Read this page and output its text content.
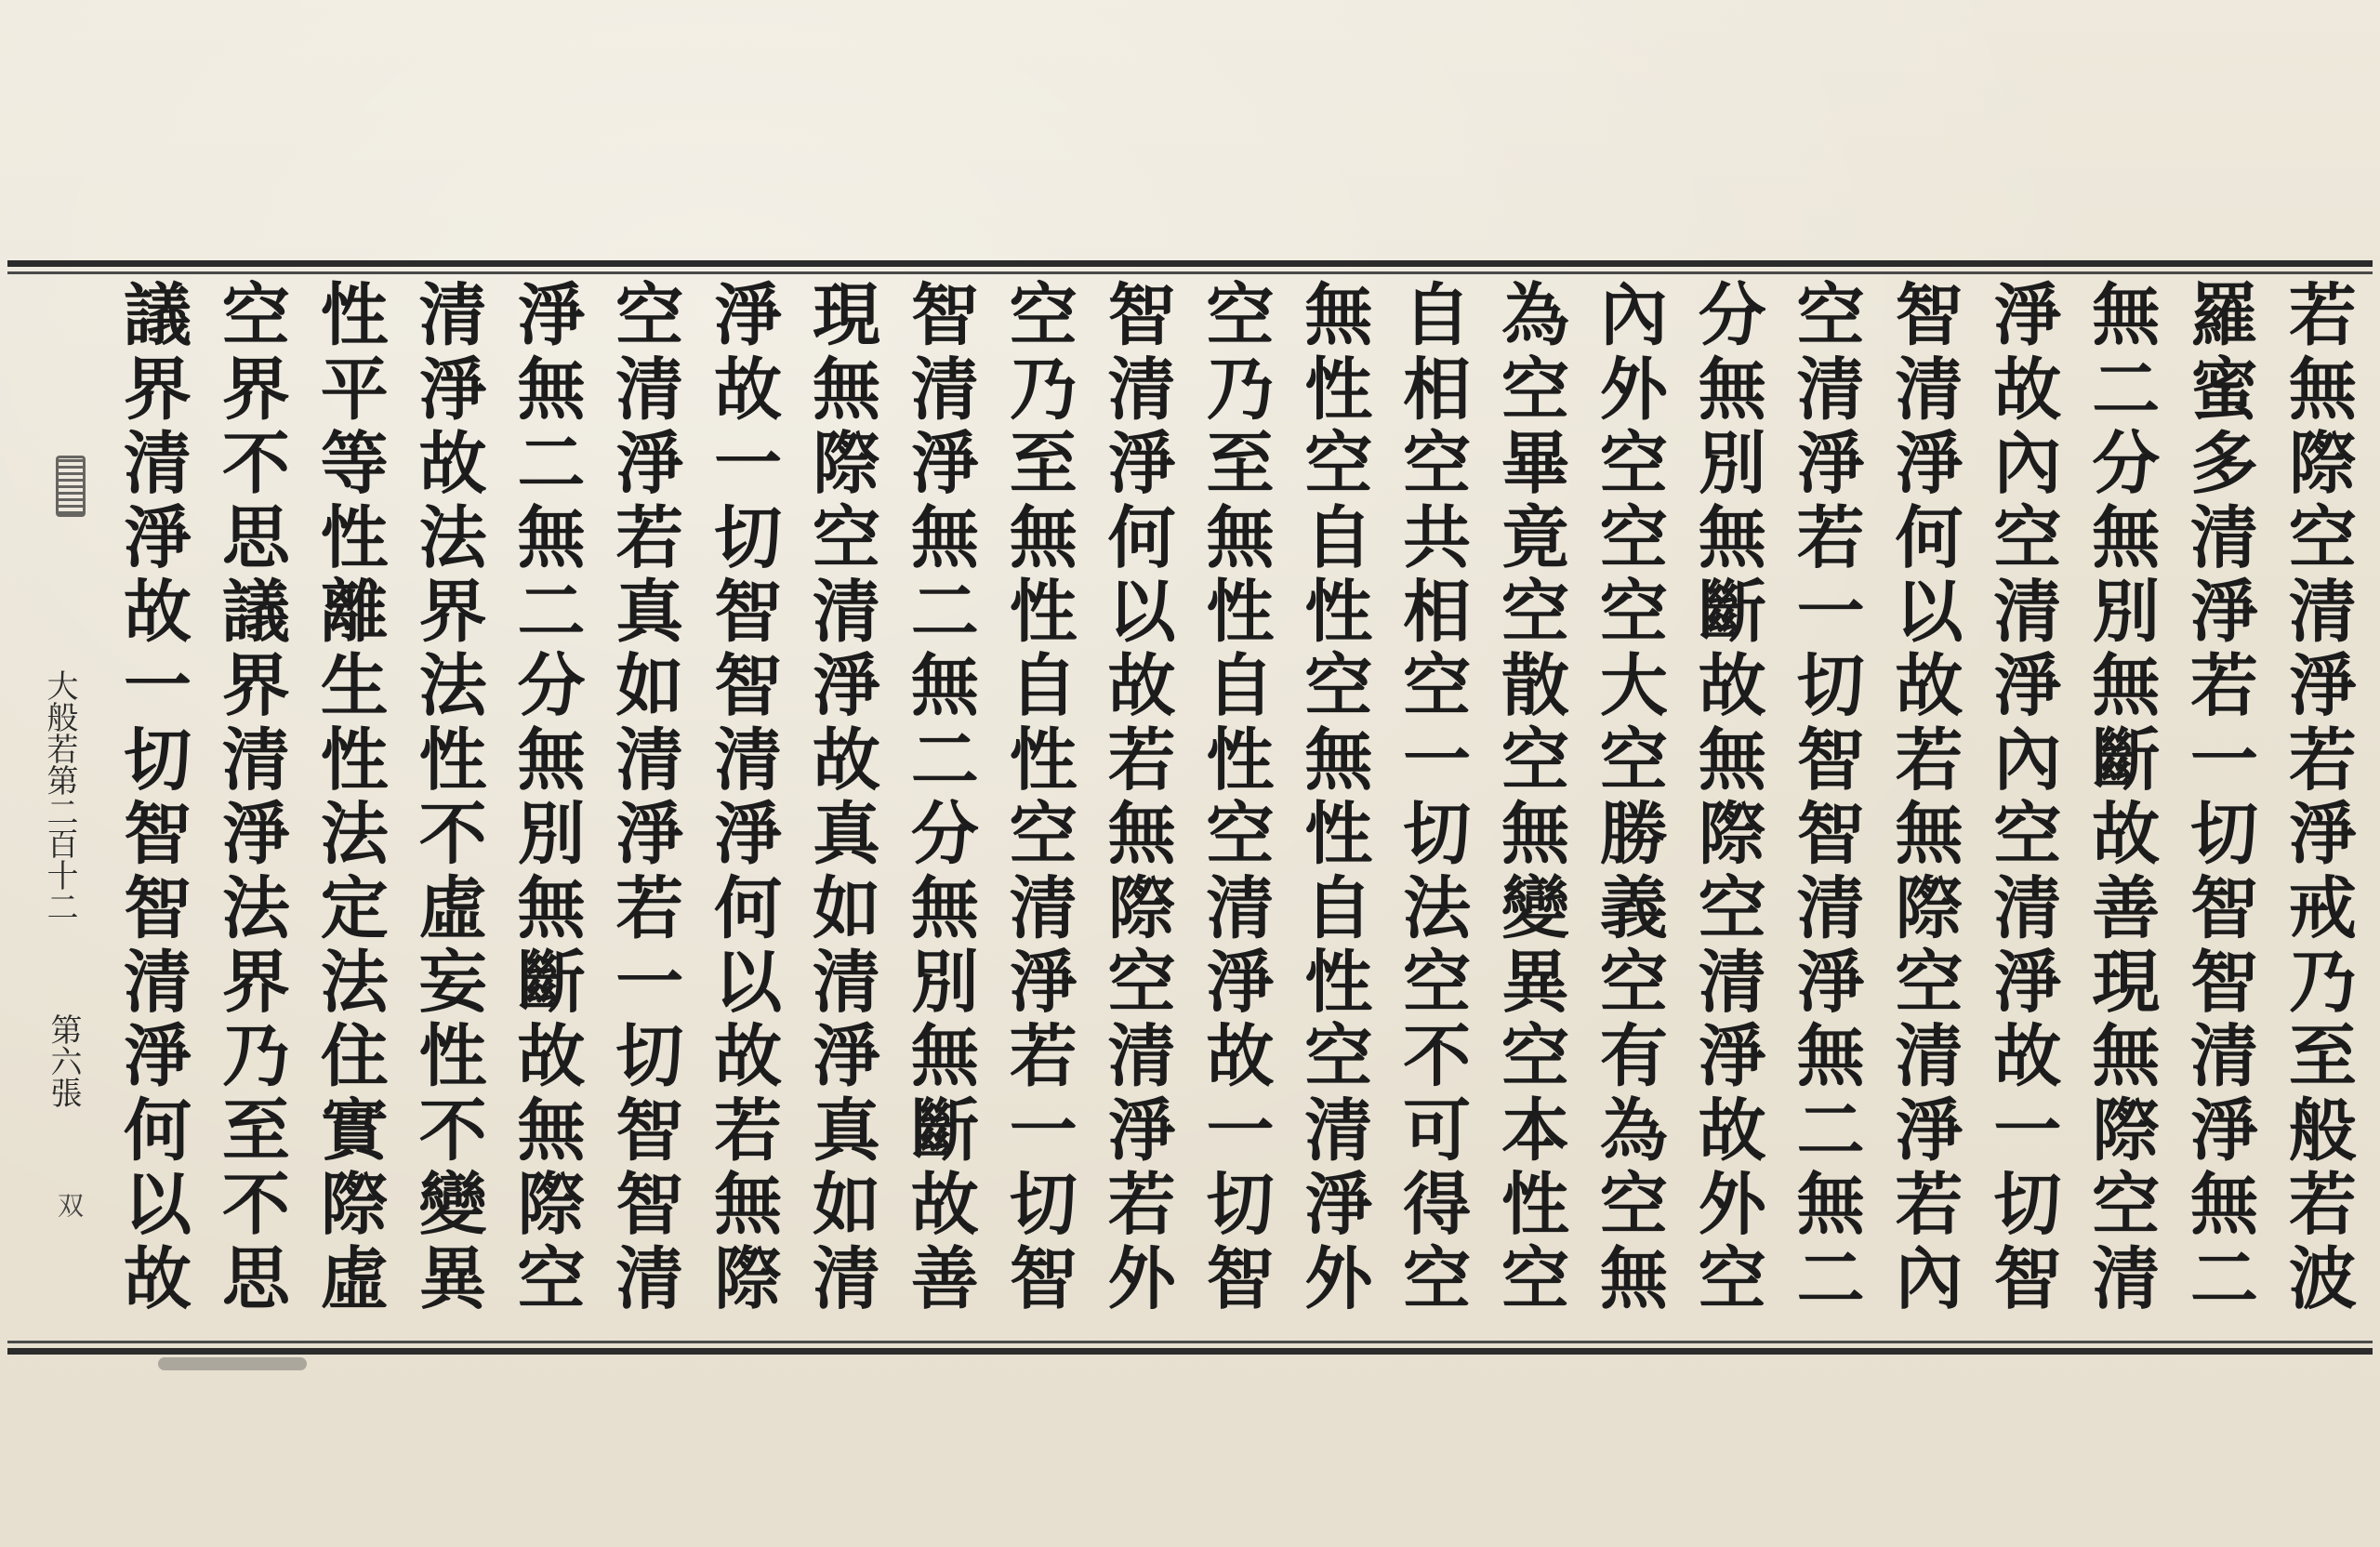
若無際空清淨若淨戒乃至般若波
羅蜜多清淨若一切智智清淨無二
無二分無別無斷故善現無際空清
淨故內空清淨內空清淨故一切智
智清淨何以故若無際空清淨若內
空清淨若一切智智清淨無二無二
分無別無斷故無際空清淨故外空
內外空空空大空勝義空有為空無
為空畢竟空散空無變異空本性空
自相空共相空一切法空不可得空
無性空自性空無性自性空清淨外
空乃至無性自性空清淨故一切智
智清淨何以故若無際空清淨若外
空乃至無性自性空清淨若一切智
智清淨無二無二分無別無斷故善
現無際空清淨故真如清淨真如清
淨故一切智智清淨何以故若無際
空清淨若真如清淨若一切智智清
淨無二無二分無別無斷故無際空
清淨故法界法性不虛妄性不變異
性平等性離生性法定法住實際虛
空界不思議界清淨法界乃至不思
議界清淨故一切智智清淨何以故
大般若第二百十二
第六張
双
